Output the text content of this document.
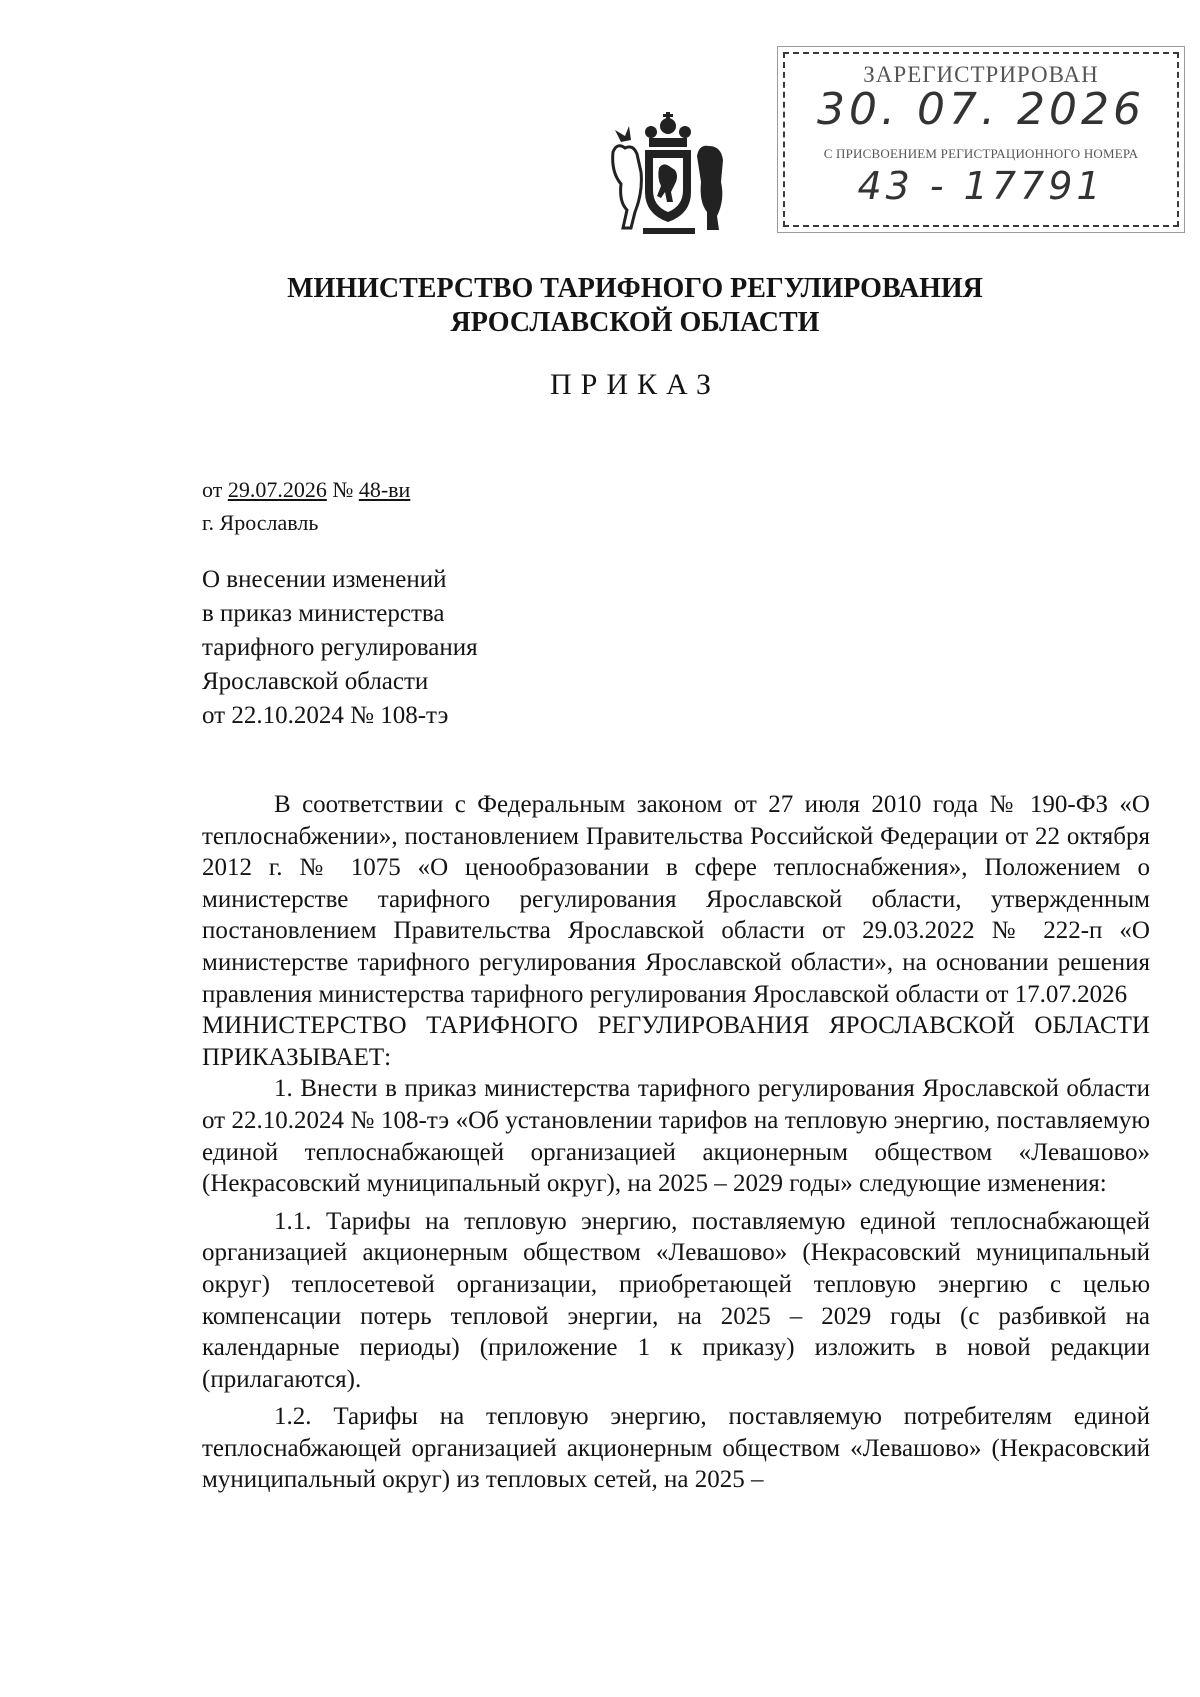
ЗАРЕГИСТРИРОВАН
30. 07. 2026
С ПРИСВОЕНИЕМ РЕГИСТРАЦИОННОГО НОМЕРА
43 - 17791
МИНИСТЕРСТВО ТАРИФНОГО РЕГУЛИРОВАНИЯ
ЯРОСЛАВСКОЙ ОБЛАСТИ
ПРИКАЗ
от 29.07.2026 № 48-ви
г. Ярославль
О внесении изменений
в приказ министерства
тарифного регулирования
Ярославской области
от 22.10.2024 № 108-тэ

В соответствии с Федеральным законом от 27 июля 2010 года № 190-ФЗ «О теплоснабжении», постановлением Правительства Российской Федерации от 22 октября 2012 г. № 1075 «О ценообразовании в сфере теплоснабжения», Положением о министерстве тарифного регулирования Ярославской области, утвержденным постановлением Правительства Ярославской области от 29.03.2022 № 222-п «О министерстве тарифного регулирования Ярославской области», на основании решения правления министерства тарифного регулирования Ярославской области от 17.07.2026

МИНИСТЕРСТВО ТАРИФНОГО РЕГУЛИРОВАНИЯ ЯРОСЛАВСКОЙ ОБЛАСТИ ПРИКАЗЫВАЕТ:

1. Внести в приказ министерства тарифного регулирования Ярославской области от 22.10.2024 № 108-тэ «Об установлении тарифов на тепловую энергию, поставляемую единой теплоснабжающей организацией акционерным обществом «Левашово» (Некрасовский муниципальный округ), на 2025 – 2029 годы» следующие изменения:

1.1. Тарифы на тепловую энергию, поставляемую единой теплоснабжающей организацией акционерным обществом «Левашово» (Некрасовский муниципальный округ) теплосетевой организации, приобретающей тепловую энергию с целью компенсации потерь тепловой энергии, на 2025 – 2029 годы (с разбивкой на календарные периоды) (приложение 1 к приказу) изложить в новой редакции (прилагаются).

1.2. Тарифы на тепловую энергию, поставляемую потребителям единой теплоснабжающей организацией акционерным обществом «Левашово» (Некрасовский муниципальный округ) из тепловых сетей, на 2025 –
